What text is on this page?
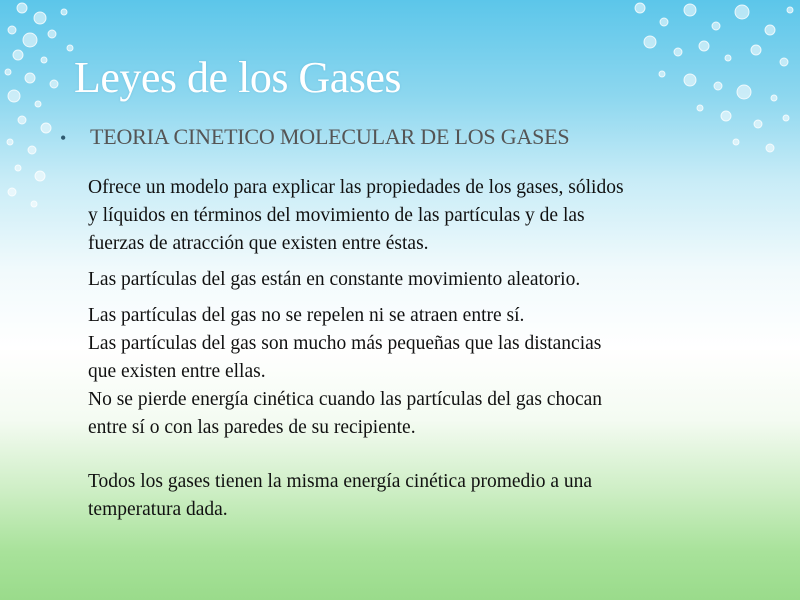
Leyes de los Gases
•	TEORIA CINETICO MOLECULAR DE LOS GASES
Ofrece un modelo para explicar las propiedades de los gases, sólidos
y líquidos en términos del movimiento de las partículas y de las
fuerzas de atracción que existen entre éstas.
Las partículas del gas están en constante movimiento aleatorio.
Las partículas del gas no se repelen ni se atraen entre sí.
Las partículas del gas son mucho más pequeñas que las distancias
que existen entre ellas.
No se pierde energía cinética cuando las partículas del gas chocan
entre sí o con las paredes de su recipiente.
Todos los gases tienen la misma energía cinética promedio a una
temperatura dada.
